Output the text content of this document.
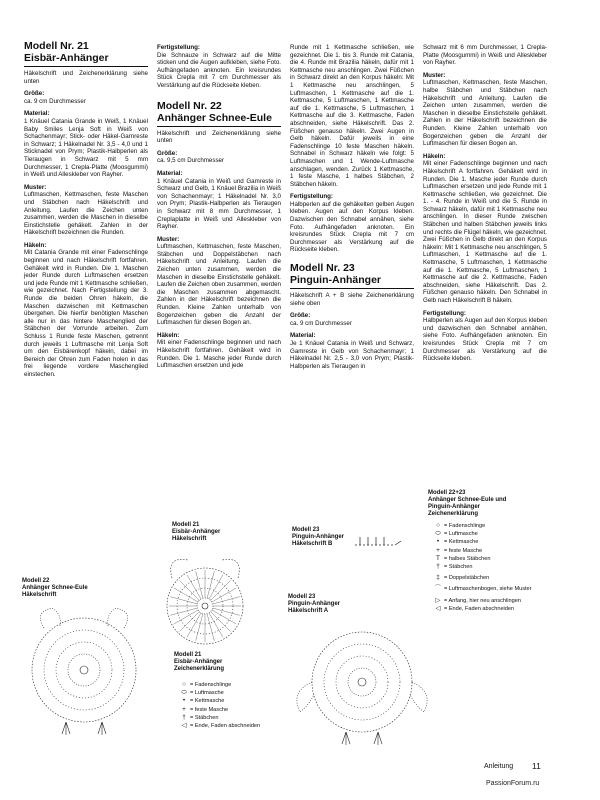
Modell Nr. 21
Eisbär-Anhänger

Häkelschrift und Zeichenerklärung siehe unten

Größe:
ca. 9 cm Durchmesser

Material:
1 Knäuel Catania Grande in Weiß, 1 Knäuel Baby Smiles Lenja Soft in Weiß von Schachenmayr; Stick- oder Häkel-Garnreste in Schwarz; 1 Häkelnadel Nr. 3,5 - 4,0 und 1 Sticknadel von Prym; Plastik-Halbperlen als Tieraugen in Schwarz mit 5 mm Durchmesser, 1 Crepla-Platte (Moosgummi) in Weiß und Alleskleber von Rayher.

Muster:
Luftmaschen, Kettmaschen, feste Maschen und Stäbchen nach Häkelschrift und Anleitung. Laufen die Zeichen unten zusammen, werden die Maschen in dieselbe Einstichstelle gehäkelt. Zahlen in der Häkelschrift bezeichnen die Runden.

Häkeln:
Mit Catania Grande mit einer Fadenschlinge beginnen und nach Häkelschrift fortfahren. Gehäkelt wird in Runden. Die 1. Maschen jeder Runde durch Luftmaschen ersetzen und jede Runde mit 1 Kettmasche schließen, wie gezeichnet. Nach Fertigstellung der 3. Runde die beiden Ohren häkeln, die Maschen dazwischen mit Kettmaschen übergehen. Die hierfür benötigten Maschen alle nur in das hintere Maschenglied der Stäbchen der Vorrunde arbeiten. Zum Schluss 1 Runde feste Maschen, getrennt durch jeweils 1 Luftmasche mit Lenja Soft um den Eisbärenkopf häkeln, dabei im Bereich der Ohren zum Faden holen in das frei liegende vordere Maschenglied einstechen.

Fertigstellung:
Die Schnauze in Schwarz auf die Mitte sticken und die Augen aufkleben, siehe Foto. Aufhängefaden anknoten. Ein kreisrundes Stück Crepla mit 7 cm Durchmesser als Verstärkung auf die Rückseite kleben.

Modell Nr. 22
Anhänger Schnee-Eule

Häkelschrift und Zeichenerklärung siehe unten

Größe:
ca. 9,5 cm Durchmesser

Material:
1 Knäuel Catania in Weiß und Gamreste in Schwarz und Gelb, 1 Knäuel Brazilia in Weiß von Schachenmayr; 1 Häkelnadel Nr. 3,0 von Prym; Plastik-Halbperlen als Tieraugen in Schwarz mit 8 mm Durchmesser, 1 Creplaplatte in Weiß und Alleskleber von Rayher.

Muster:
Luftmaschen, Kettmaschen, feste Maschen, Stäbchen und Doppelstäbchen nach Häkelschrift und Anleitung. Laufen die Zeichen unten zusammen, werden die Maschen in dieselbe Einstichstelle gehäkelt. Laufen die Zeichen oben zusammen, werden die Maschen zusammen abgemascht. Zahlen in der Häkelschrift bezeichnen die Runden. Kleine Zahlen unterhalb von Bogenzeichen geben die Anzahl der Luftmaschen für diesen Bogen an.

Häkeln:
Mit einer Fadenschlinge beginnen und nach Häkelschrift fortfahren. Gehäkelt wird in Runden. Die 1. Masche jeder Runde durch Luftmaschen ersetzen und jede

Runde mit 1 Kettmasche schließen, wie gezeichnet. Die 1. bis 3. Runde mit Catania, die 4. Runde mit Brazilia häkeln, dafür mit 1 Kettmasche neu anschlingen. Zwei Füßchen in Schwarz direkt an den Korpus häkeln: Mit 1 Kettmasche neu anschlingen, 5 Luftmaschen, 1 Kettmasche auf die 1. Kettmasche, 5 Luftmaschen, 1 Kettmasche auf die 1. Kettmasche, 5 Luftmaschen, 1 Kettmasche auf die 3. Kettmasche, Faden abschneiden, siehe Häkelschrift. Das 2. Füßchen genauso häkeln. Zwei Augen in Gelb häkeln. Dafür jeweils in eine Fadenschlinge 10 feste Maschen häkeln. Schnabel in Schwarz häkeln wie folgt: 5 Luftmaschen und 1 Wende-Luftmasche anschlagen, wenden. Zurück 1 Kettmasche, 1 feste Masche, 1 halbes Stäbchen, 2 Stäbchen häkeln.

Fertigstellung:
Halbperlen auf die gehäkelten gelben Augen kleben. Augen auf den Korpus kleben. Dazwischen den Schnabel annähen, siehe Foto. Aufhängefaden anknoten. Ein kreisrundes Stück Crepla mit 7 cm Durchmesser als Verstärkung auf die Rückseite kleben.

Modell Nr. 23
Pinguin-Anhänger

Häkelschrift A + B siehe Zeichenerklärung siehe oben

Größe:
ca. 9 cm Durchmesser

Material:
Je 1 Knäuel Catania in Weiß und Schwarz, Gamreste in Gelb von Schachenmayr; 1 Häkelnadel Nr. 2,5 - 3,0 von Prym; Plastik-Halbperlen als Tieraugen in

Schwarz mit 6 mm Durchmesser, 1 Crepla-Platte (Moosgummi) in Weiß und Alleskleber von Rayher.

Muster:
Luftmaschen, Kettmaschen, feste Maschen, halbe Stäbchen und Stäbchen nach Häkelschrift und Anleitung. Laufen die Zeichen unten zusammen, werden die Maschen in dieselbe Einstichstelle gehäkelt. Zahlen in der Häkelschrift bezeichnen die Runden. Kleine Zahlen unterhalb von Bogenzeichen geben die Anzahl der Luftmaschen für diesen Bogen an.

Häkeln:
Mit einer Fadenschlinge beginnen und nach Häkelschrift A fortfahren. Gehäkelt wird in Runden. Die 1. Masche jeder Runde durch Luftmaschen ersetzen und jede Runde mit 1 Kettmasche schließen, wie gezeichnet. Die 1. - 4. Runde in Weiß und die 5. Runde in Schwarz häkeln, dafür mit 1 Kettmasche neu anschlingen. In dieser Runde zwischen Stäbchen und halben Stäbchen jeweils links und rechts die Flügel häkeln, wie gezeichnet. Zwei Füßchen in Gelb direkt an den Korpus häkeln: Mit 1 Kettmasche neu anschlingen, 5 Luftmaschen, 1 Kettmasche auf die 1. Kettmasche, 5 Luftmaschen, 1 Kettmasche auf die 1. Kettmasche, 5 Luftmaschen, 1 Kettmasche auf die 2. Kettmasche, Faden abschneiden, siehe Häkelschrift. Das 2. Füßchen genauso häkeln. Den Schnabel in Gelb nach Häkelschrift B häkeln.

Fertigstellung:
Halbperlen als Augen auf den Korpus kleben und dazwischen den Schnabel annähen, siehe Foto. Aufhängefaden anknoten. Ein kreisrundes Stück Crepla mit 7 cm Durchmesser als Verstärkung auf die Rückseite kleben.

Modell 21
Eisbär-Anhänger
Häkelschrift
Modell 22
Anhänger Schnee-Eule
Häkelschrift
Modell 23
Pinguin-Anhänger
Häkelschrift B
Modell 23
Pinguin-Anhänger
Häkelschrift A
Modell 21
Eisbär-Anhänger
Zeichenerklärung
Modell 22+23
Anhänger Schnee-Eule und
Pinguin-Anhänger
Zeichenerklärung
○ = Fadenschlinge
⬭ = Luftmasche
• = Kettmasche
+ = feste Masche
† = Stäbchen
◁ = Ende, Faden abschneiden
○ = Fadenschlinge
⬭ = Luftmasche
• = Kettmasche
+ = feste Masche
T = halbes Stäbchen
† = Stäbchen
‡ = Doppelstäbchen
⌒ = Luftmaschenbogen, siehe Muster
▷ = Anfang, hier neu anschlingen
◁ = Ende, Faden abschneiden
Anleitung 11
PassionForum.ru
